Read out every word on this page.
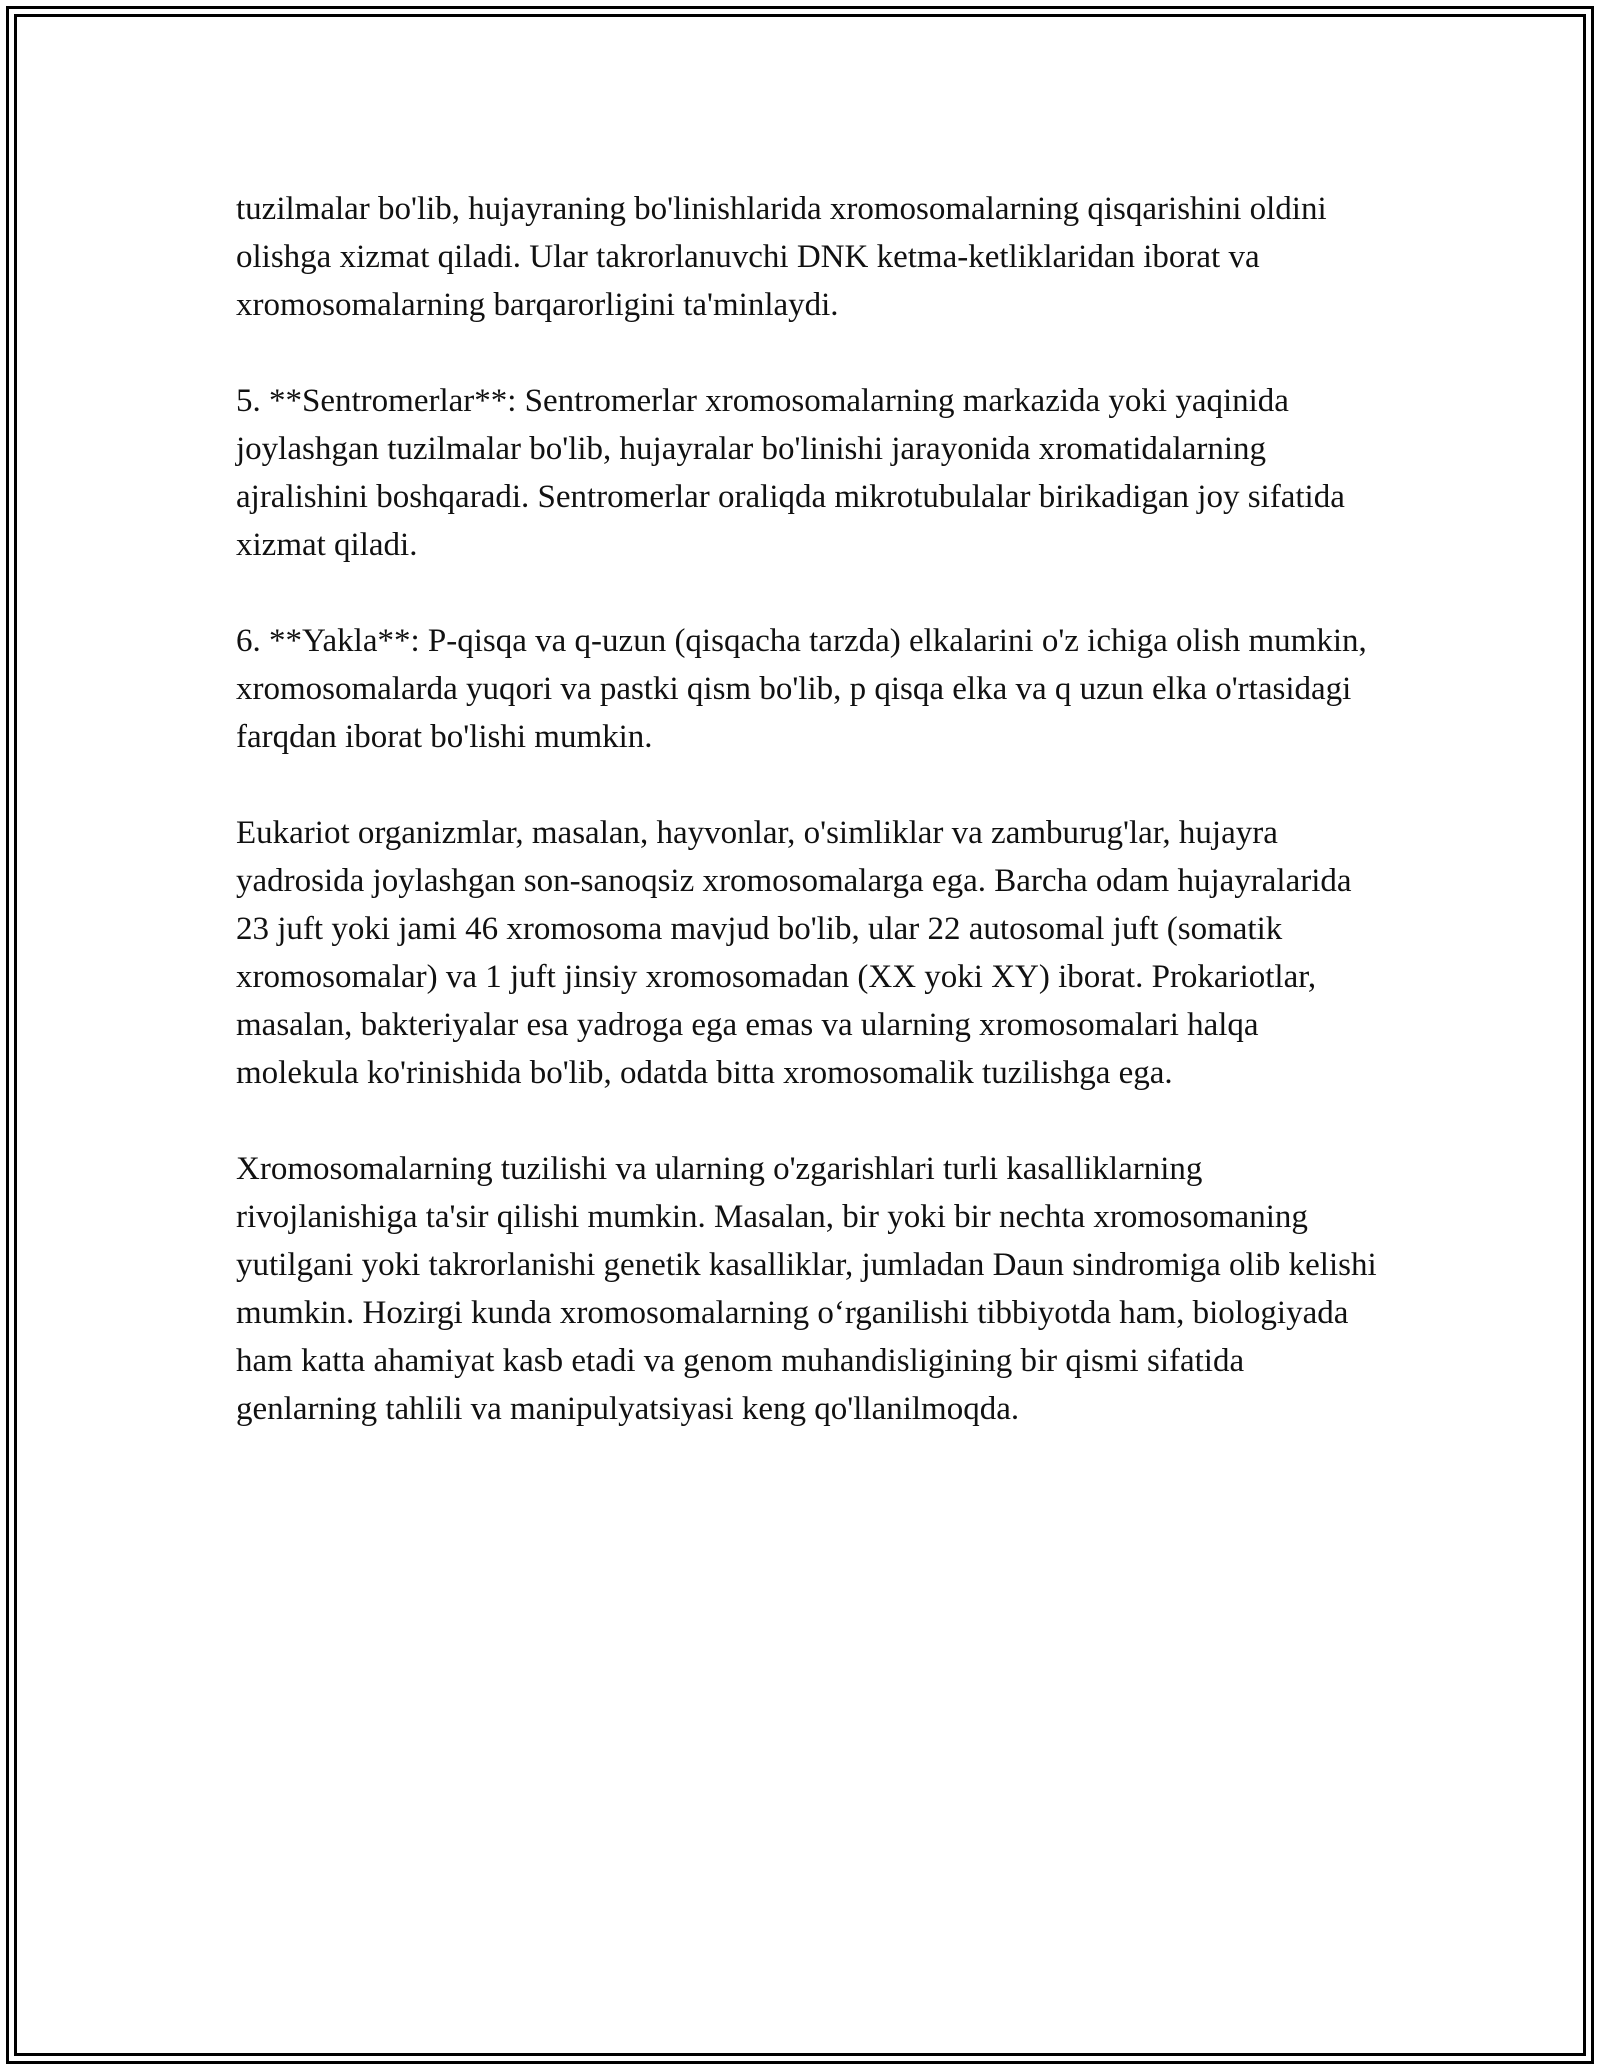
tuzilmalar bo'lib, hujayraning bo'linishlarida xromosomalarning qisqarishini oldini olishga xizmat qiladi. Ular takrorlanuvchi DNK ketma-ketliklaridan iborat va xromosomalarning barqarorligini ta'minlaydi.

5. **Sentromerlar**: Sentromerlar xromosomalarning markazida yoki yaqinida joylashgan tuzilmalar bo'lib, hujayralar bo'linishi jarayonida xromatidalarning ajralishini boshqaradi. Sentromerlar oraliqda mikrotubulalar birikadigan joy sifatida xizmat qiladi.

6. **Yakla**: P-qisqa va q-uzun (qisqacha tarzda) elkalarini o'z ichiga olish mumkin, xromosomalarda yuqori va pastki qism bo'lib, p qisqa elka va q uzun elka o'rtasidagi farqdan iborat bo'lishi mumkin.

Eukariot organizmlar, masalan, hayvonlar, o'simliklar va zamburug'lar, hujayra yadrosida joylashgan son-sanoqsiz xromosomalarga ega. Barcha odam hujayralarida 23 juft yoki jami 46 xromosoma mavjud bo'lib, ular 22 autosomal juft (somatik xromosomalar) va 1 juft jinsiy xromosomadan (XX yoki XY) iborat. Prokariotlar, masalan, bakteriyalar esa yadroga ega emas va ularning xromosomalari halqa molekula ko'rinishida bo'lib, odatda bitta xromosomalik tuzilishga ega.

Xromosomalarning tuzilishi va ularning o'zgarishlari turli kasalliklarning rivojlanishiga ta'sir qilishi mumkin. Masalan, bir yoki bir nechta xromosomaning yutilgani yoki takrorlanishi genetik kasalliklar, jumladan Daun sindromiga olib kelishi mumkin. Hozirgi kunda xromosomalarning o‘rganilishi tibbiyotda ham, biologiyada ham katta ahamiyat kasb etadi va genom muhandisligining bir qismi sifatida genlarning tahlili va manipulyatsiyasi keng qo'llanilmoqda.
